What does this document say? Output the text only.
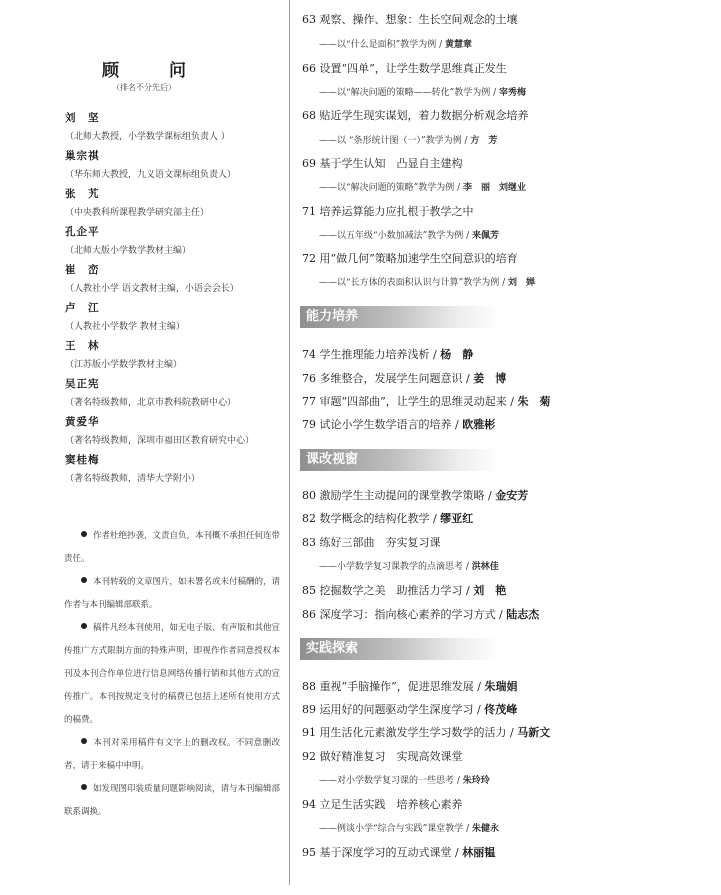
顾 问
（排名不分先后）
刘　坚
（北师大教授，小学数学课标组负责人 ）
巢宗祺
（华东师大教授，九义语文课标组负责人）
张　艽
（中央教科所课程教学研究部主任）
孔企平
（北师大版小学数学教材主编）
崔　峦
（人教社小学 语文教材主编，小语会会长）
卢　江
（人教社小学数学 教材主编）
王　林
（江苏版小学数学教材主编）
吴正宪
（著名特级教师，北京市教科院教研中心）
黄爱华
（著名特级教师，深圳市福田区教育研究中心）
窦桂梅
（著名特级教师，清华大学附小）

作者杜绝抄袭，文责自负，本刊概不承担任何连带责任。

本刊转载的文章图片，如未署名或未付稿酬的，请作者与本刊编辑部联系。

稿件凡经本刊使用，如无电子版、有声版和其他宣传推广方式限制方面的特殊声明，即视作作者同意授权本刊及本刊合作单位进行信息网络传播行销和其他方式的宣传推广。本刊按规定支付的稿费已包括上述所有使用方式的稿费。

本刊对采用稿件有文字上的删改权。不同意删改者，请于来稿中申明。

如发现图印装质量问题影响阅读，请与本刊编辑部联系调换。

63 观察、操作、想象：生长空间观念的土壤
——以“什么是面积”教学为例 / 黄慧章
66 设置“四单”，让学生数学思维真正发生
——以“解决问题的策略——转化”教学为例 / 宰秀梅
68 贴近学生现实谋划，着力数据分析观念培养
——以 “条形统计图（一）”教学为例 / 方　芳
69 基于学生认知　凸显自主建构
——以“解决问题的策略”教学为例 / 李　丽　刘继业
71 培养运算能力应扎根于教学之中
——以五年级“小数加减法”教学为例 / 来佩芳
72 用“做几何”策略加速学生空间意识的培育
——以“长方体的表面积认识与计算”教学为例 / 刘　婵
能力培养
74 学生推理能力培养浅析 / 杨　静
76 多维整合，发展学生问题意识 / 姜　博
77 审题“四部曲”，让学生的思维灵动起来 / 朱　菊
79 试论小学生数学语言的培养 / 欧雅彬
课改视窗
80 激励学生主动提问的课堂教学策略 / 金安芳
82 数学概念的结构化教学 / 缪亚红
83 练好三部曲　夯实复习课
——小学数学复习课教学的点滴思考 / 洪林佳
85 挖掘数学之美　助推活力学习 / 刘　艳
86 深度学习：指向核心素养的学习方式 / 陆志杰
实践探索
88 重视“手脑操作”，促进思维发展 / 朱瑞娟
89 运用好的问题驱动学生深度学习 / 佟茂峰
91 用生活化元素激发学生学习数学的活力 / 马新文
92 做好精准复习　实现高效课堂
——对小学数学复习课的一些思考 / 朱玲玲
94 立足生活实践　培养核心素养
——例谈小学“综合与实践”课堂教学 / 朱健永
95 基于深度学习的互动式课堂 / 林丽韫
